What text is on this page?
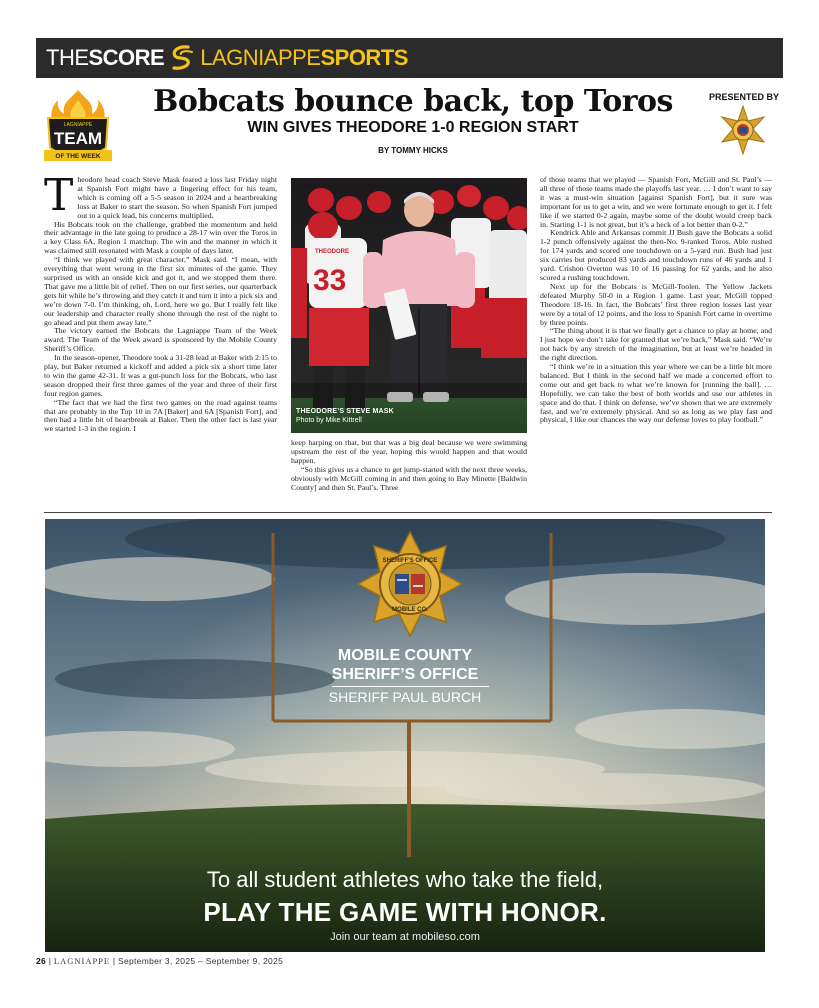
THESCORE LAGNIAPPESPORTS
LAGNIAPPE
TEAM
OF THE WEEK
Bobcats bounce back, top Toros
WIN GIVES THEODORE 1-0 REGION START
BY TOMMY HICKS
PRESENTED BY
T heodore head coach Steve Mask feared a loss last Friday night at Spanish Fort might have a lingering effect for his team, which is coming off a 5-5 season in 2024 and a heartbreaking loss at Baker to start the season. So when Spanish Fort jumped out to a quick lead, his concerns multiplied.

His Bobcats took on the challenge, grabbed the momentum and held their advantage in the late going to produce a 28-17 win over the Toros in a key Class 6A, Region 1 matchup. The win and the manner in which it was claimed still resonated with Mask a couple of days later.

“I think we played with great character,” Mask said. “I mean, with everything that went wrong in the first six minutes of the game. They surprised us with an onside kick and got it, and we stopped them there. That gave me a little bit of relief. Then on our first series, our quarterback gets hit while he’s throwing and they catch it and turn it into a pick six and we’re down 7-0. I’m thinking, oh, Lord, here we go. But I really felt like our leadership and character really shone through the rest of the night to go ahead and put them away late.”

The victory earned the Bobcats the Lagniappe Team of the Week award. The Team of the Week award is sponsored by the Mobile County Sheriff’s Office.

In the season-opener, Theodore took a 31-28 lead at Baker with 2:15 to play, but Baker returned a kickoff and added a pick six a short time later to win the game 42-31. It was a gut-punch loss for the Bobcats, who last season dropped their first three games of the year and three of their first four region games.

“The fact that we had the first two games on the road against teams that are probably in the Top 10 in 7A [Baker] and 6A [Spanish Fort], and then had a little bit of heartbreak at Baker. Then the other fact is last year we started 1-3 in the region. I

THEODORE
33
THEODORE’S STEVE MASK
Photo by Mike Kittrell

keep harping on that, but that was a big deal because we were swimming upstream the rest of the year, hoping this would happen and that would happen.

“So this gives us a chance to get jump-started with the next three weeks, obviously with McGill coming in and then going to Bay Minette [Baldwin County] and then St. Paul’s. Three

of those teams that we played — Spanish Fort, McGill and St. Paul’s — all three of those teams made the playoffs last year. … I don’t want to say it was a must-win situation [against Spanish Fort], but it sure was important for us to get a win, and we were fortunate enough to get it. I felt like if we started 0-2 again, maybe some of the doubt would creep back in. Starting 1-1 is not great, but it’s a heck of a lot better than 0-2.”

Kendrick Able and Arkansas commit JJ Bush gave the Bobcats a solid 1-2 punch offensively against the then-No. 9-ranked Toros. Able rushed for 174 yards and scored one touchdown on a 5-yard run. Bush had just six carries but produced 83 yards and touchdown runs of 46 yards and 1 yard. Crishon Overton was 10 of 16 passing for 62 yards, and he also scored a rushing touchdown.

Next up for the Bobcats is McGill-Toolen. The Yellow Jackets defeated Murphy 50-0 in a Region 1 game. Last year, McGill topped Theodore 18-16. In fact, the Bobcats’ first three region losses last year were by a total of 12 points, and the loss to Spanish Fort came in overtime by three points.

“The thing about it is that we finally get a chance to play at home, and I just hope we don’t take for granted that we’re back,” Mask said. “We’re not back by any stretch of the imagination, but at least we’re headed in the right direction.

“I think we’re in a situation this year where we can be a little bit more balanced. But I think in the second half we made a concerted effort to come out and get back to what we’re known for [running the ball]. … Hopefully, we can take the best of both worlds and use our athletes in space and do that. I think on defense, we’ve shown that we are extremely fast, and we’re extremely physical. And so as long as we play fast and physical, I like our chances the way our defense loves to play football.”

SHERIFF'S OFFICE
MOBILE CO.
MOBILE COUNTY
SHERIFF’S OFFICE
SHERIFF PAUL BURCH
To all student athletes who take the field,
PLAY THE GAME WITH HONOR.
Join our team at mobileso.com
26 | LAGNIAPPE | September 3, 2025 – September 9, 2025
